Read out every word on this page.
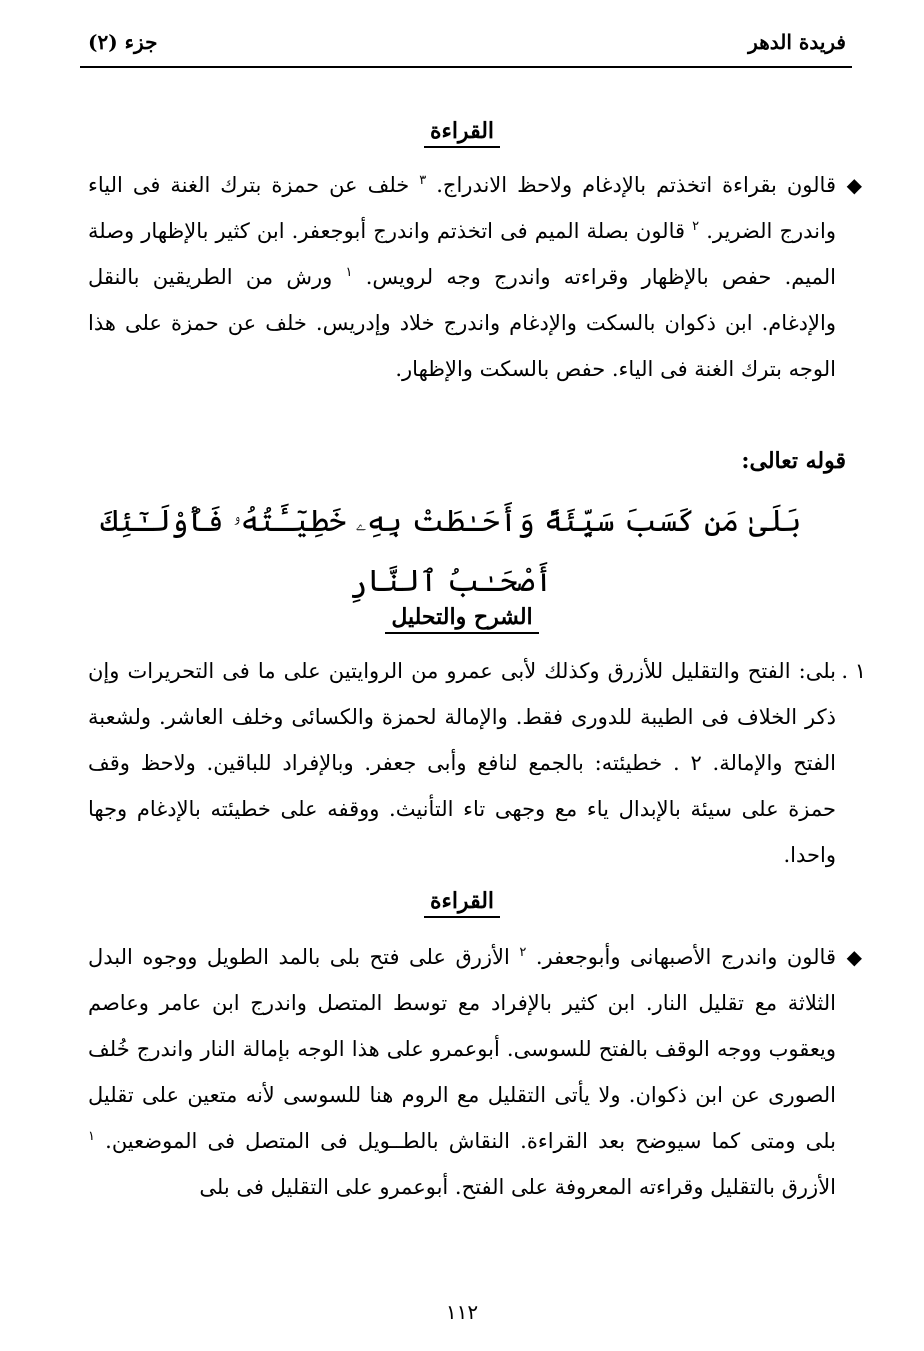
فريدة الدهر
جزء (٢)
القراءة
◆
قالون بقراءة اتخذتم بالإدغام ولاحظ الاندراج. $^٣$ خلف عن حمزة بترك الغنة فى الياء واندرج الضرير. $^٢$ قالون بصلة الميم فى اتخذتم واندرج أبوجعفر. ابن كثير بالإظهار وصلة الميم. حفص بالإظهار وقراءته واندرج وجه لرويس. $^١$ ورش من الطريقين بالنقل والإدغام. ابن ذكوان بالسكت والإدغام واندرج خلاد وإدريس. خلف عن حمزة على هذا الوجه بترك الغنة فى الياء. حفص بالسكت والإظهار.
قوله تعالى:
بَلَىٰ مَن كَسَبَ سَيِّئَةً وَأَحَـٰطَتْ بِهِۦ خَطِيٓـَٔتُهُۥ فَأُوْلَـٰٓئِكَ أَصْحَـٰبُ ٱلنَّارِ
الشرح والتحليل
١ .
بلى: الفتح والتقليل للأزرق وكذلك لأبى عمرو من الروايتين على ما فى التحريرات وإن ذكر الخلاف فى الطيبة للدورى فقط. والإمالة لحمزة والكسائى وخلف العاشر. ولشعبة الفتح والإمالة. ٢ . خطيئته: بالجمع لنافع وأبى جعفر. وبالإفراد للباقين. ولاحظ وقف حمزة على سيئة بالإبدال ياء مع وجهى تاء التأنيث. ووقفه على خطيئته بالإدغام وجها واحدا.
القراءة
◆
قالون واندرج الأصبهانى وأبوجعفر. $^٢$ الأزرق على فتح بلى بالمد الطويل ووجوه البدل الثلاثة مع تقليل النار. ابن كثير بالإفراد مع توسط المتصل واندرج ابن عامر وعاصم ويعقوب ووجه الوقف بالفتح للسوسى. أبوعمرو على هذا الوجه بإمالة النار واندرج خُلف الصورى عن ابن ذكوان. ولا يأتى التقليل مع الروم هنا للسوسى لأنه متعين على تقليل بلى ومتى كما سيوضح بعد القراءة. النقاش بالطــويل فى المتصل فى الموضعين. $^١$ الأزرق بالتقليل وقراءته المعروفة على الفتح. أبوعمرو على التقليل فى بلى
١١٢
